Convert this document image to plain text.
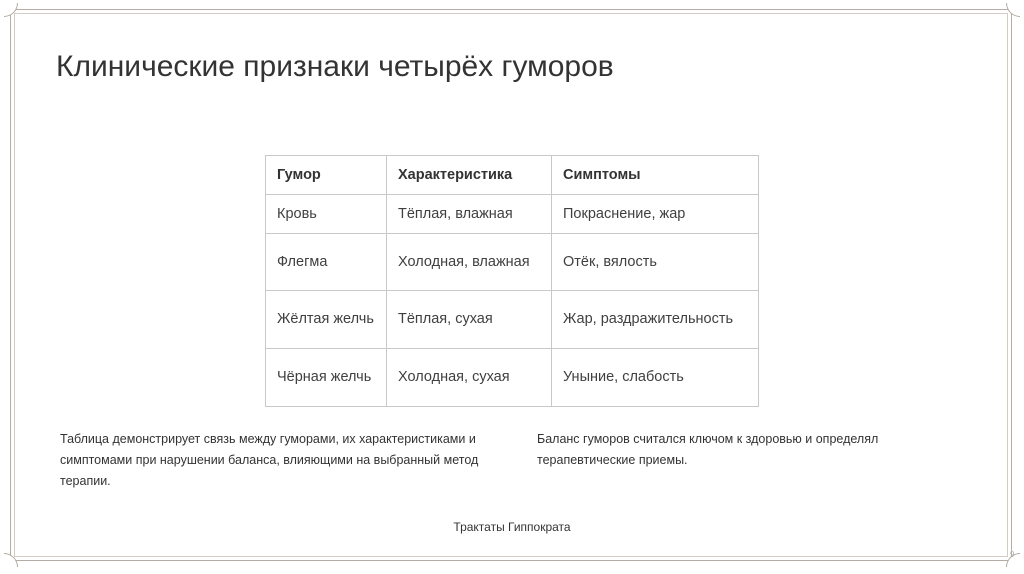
Клинические признаки четырёх гуморов
Гумор	Характеристика	Симптомы
Кровь	Тёплая, влажная	Покраснение, жар
Флегма	Холодная, влажная	Отёк, вялость
Жёлтая желчь	Тёплая, сухая	Жар, раздражительность
Чёрная желчь	Холодная, сухая	Уныние, слабость
Таблица демонстрирует связь между гуморами, их характеристиками и симптомами при нарушении баланса, влияющими на выбранный метод терапии.
Баланс гуморов считался ключом к здоровью и определял терапевтические приемы.
Трактаты Гиппократа
9
